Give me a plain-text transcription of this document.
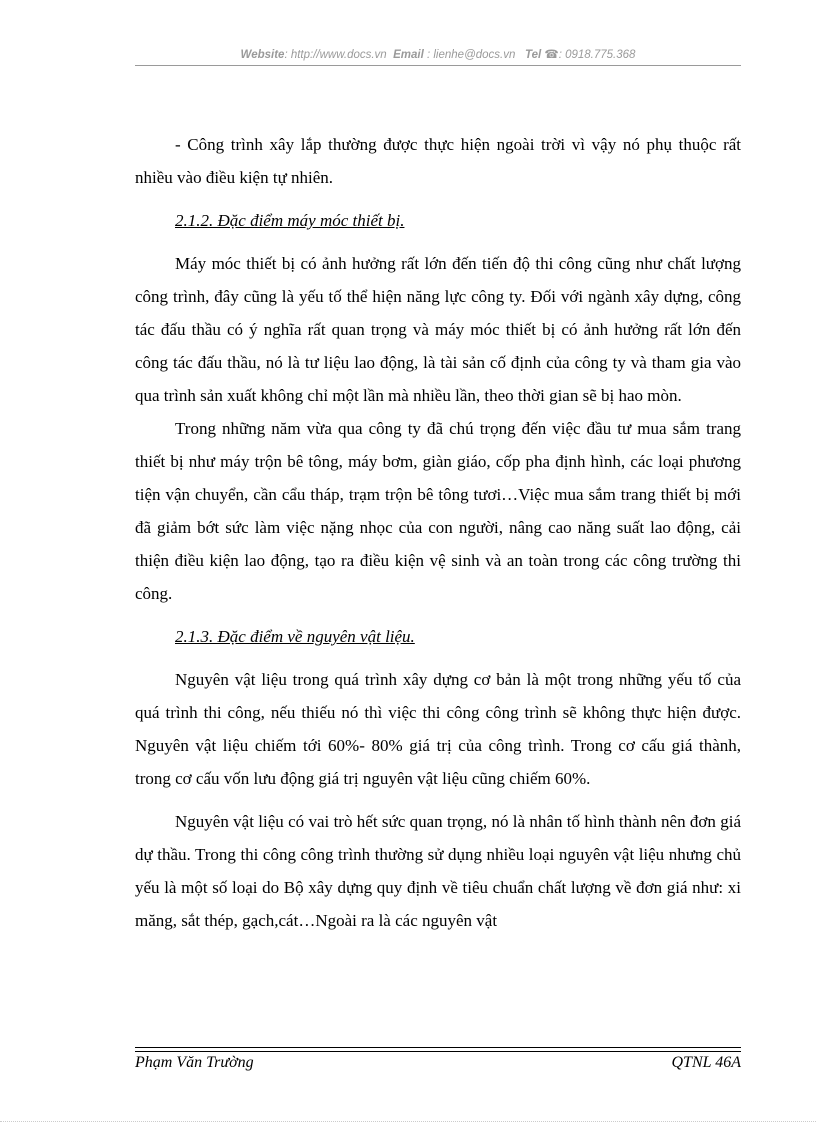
Website: http://www.docs.vn Email : lienhe@docs.vn Tel ☎: 0918.775.368

- Công trình xây lắp thường được thực hiện ngoài trời vì vậy nó phụ thuộc rất nhiều vào điều kiện tự nhiên.

2.1.2. Đặc điểm máy móc thiết bị.

Máy móc thiết bị có ảnh hưởng rất lớn đến tiến độ thi công cũng như chất lượng công trình, đây cũng là yếu tố thể hiện năng lực công ty. Đối với ngành xây dựng, công tác đấu thầu có ý nghĩa rất quan trọng và máy móc thiết bị có ảnh hưởng rất lớn đến công tác đấu thầu, nó là tư liệu lao động, là tài sản cố định của công ty và tham gia vào qua trình sản xuất không chỉ một lần mà nhiều lần, theo thời gian sẽ bị hao mòn.

Trong những năm vừa qua công ty đã chú trọng đến việc đầu tư mua sắm trang thiết bị như máy trộn bê tông, máy bơm, giàn giáo, cốp pha định hình, các loại phương tiện vận chuyển, cần cẩu tháp, trạm trộn bê tông tươi…Việc mua sắm trang thiết bị mới đã giảm bớt sức làm việc nặng nhọc của con người, nâng cao năng suất lao động, cải thiện điều kiện lao động, tạo ra điều kiện vệ sinh và an toàn trong các công trường thi công.

2.1.3. Đặc điểm về nguyên vật liệu.

Nguyên vật liệu trong quá trình xây dựng cơ bản là một trong những yếu tố của quá trình thi công, nếu thiếu nó thì việc thi công công trình sẽ không thực hiện được. Nguyên vật liệu chiếm tới 60%- 80% giá trị của công trình. Trong cơ cấu giá thành, trong cơ cấu vốn lưu động giá trị nguyên vật liệu cũng chiếm 60%.

Nguyên vật liệu có vai trò hết sức quan trọng, nó là nhân tố hình thành nên đơn giá dự thầu. Trong thi công công trình thường sử dụng nhiều loại nguyên vật liệu nhưng chủ yếu là một số loại do Bộ xây dựng quy định về tiêu chuẩn chất lượng về đơn giá như: xi măng, sắt thép, gạch,cát…Ngoài ra là các nguyên vật

Phạm Văn Trường	QTNL 46A
